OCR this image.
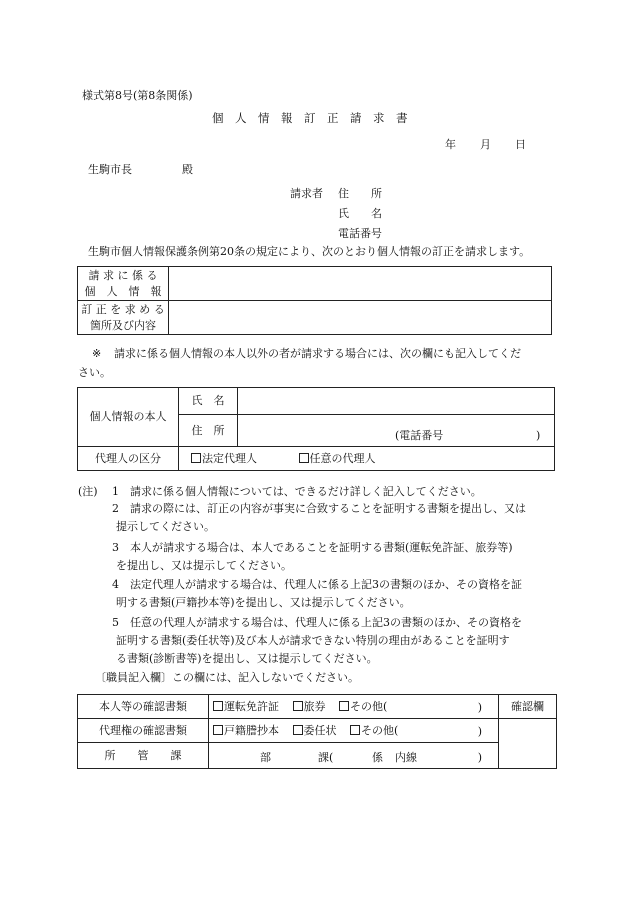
様式第8号(第8条関係)
個　人　情　報　訂　正　請　求　書
年 月 日
生駒市長	殿
請求者 住　　所
氏　　名
電話番号
生駒市個人情報保護条例第20条の規定により、次のとおり個人情報の訂正を請求します。
請 求 に 係 る
個　人　情　報	

訂 正 を 求 め る
箇所及び内容	

※ 請求に係る個人情報の本人以外の者が請求する場合には、次の欄にも記入してくだ
さい。
個人情報の本人	氏　名	
	住　所	(電話番号 )

代理人の区分	法定代理人 任意の代理人	
(注) 1 請求に係る個人情報については、できるだけ詳しく記入してください。
2 請求の際には、訂正の内容が事実に合致することを証明する書類を提出し、又は
提示してください。
3 本人が請求する場合は、本人であることを証明する書類(運転免許証、旅券等)
を提出し、又は提示してください。
4 法定代理人が請求する場合は、代理人に係る上記3の書類のほか、その資格を証
明する書類(戸籍抄本等)を提出し、又は提示してください。
5 任意の代理人が請求する場合は、代理人に係る上記3の書類のほか、その資格を
証明する書類(委任状等)及び本人が請求できない特別の理由があることを証明す
る書類(診断書等)を提出し、又は提示してください。
〔職員記入欄〕この欄には、記入しないでください。
本人等の確認書類	運転免許証 旅券 その他( )	確認欄
代理権の確認書類	戸籍謄抄本 委任状 その他( )	

所　　管　　課	部 課( 係 内線 )	
